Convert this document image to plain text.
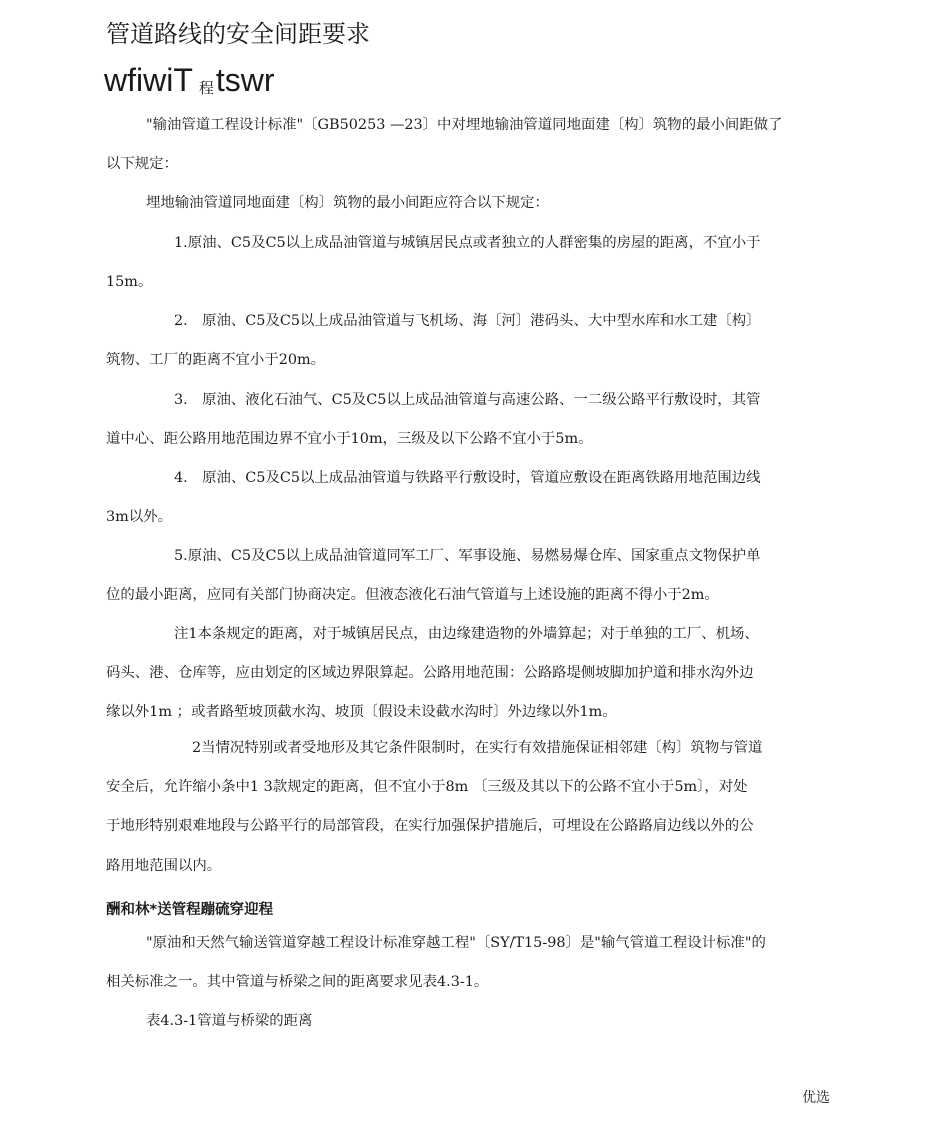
管道路线的安全间距要求
wfiwiT 程tswr

"输油管道工程设计标准"〔GB50253 —23〕中对埋地输油管道同地面建〔构〕筑物的最小间距做了
以下规定：

埋地输油管道同地面建〔构〕筑物的最小间距应符合以下规定：

1.原油、C5及C5以上成品油管道与城镇居民点或者独立的人群密集的房屋的距离，不宜小于
15m。

2.　原油、C5及C5以上成品油管道与飞机场、海〔河〕港码头、大中型水库和水工建〔构〕
筑物、工厂的距离不宜小于20m。

3.　原油、液化石油气、C5及C5以上成品油管道与高速公路、一二级公路平行敷设时，其管
道中心、距公路用地范围边界不宜小于10m，三级及以下公路不宜小于5m。

4.　原油、C5及C5以上成品油管道与铁路平行敷设时，管道应敷设在距离铁路用地范围边线
3m以外。

5.原油、C5及C5以上成品油管道同军工厂、军事设施、易燃易爆仓库、国家重点文物保护单
位的最小距离，应同有关部门协商决定。但液态液化石油气管道与上述设施的距离不得小于2m。

注1本条规定的距离，对于城镇居民点，由边缘建造物的外墙算起；对于单独的工厂、机场、
码头、港、仓库等，应由划定的区域边界限算起。公路用地范围：公路路堤侧坡脚加护道和排水沟外边
缘以外1m ；或者路堑坡顶截水沟、坡顶〔假设未设截水沟时〕外边缘以外1m。

2当情况特别或者受地形及其它条件限制时，在实行有效措施保证相邻建〔构〕筑物与管道
安全后，允许缩小条中1 3款规定的距离，但不宜小于8m 〔三级及其以下的公路不宜小于5m〕，对处
于地形特别艰难地段与公路平行的局部管段，在实行加强保护措施后，可埋设在公路路肩边线以外的公
路用地范围以内。

酬和林*送管程蹦硫穿迎程

"原油和天然气输送管道穿越工程设计标准穿越工程"〔SY/T15-98〕是"输气管道工程设计标准"的
相关标准之一。其中管道与桥梁之间的距离要求见表4.3-1。

表4.3-1管道与桥梁的距离

优选
